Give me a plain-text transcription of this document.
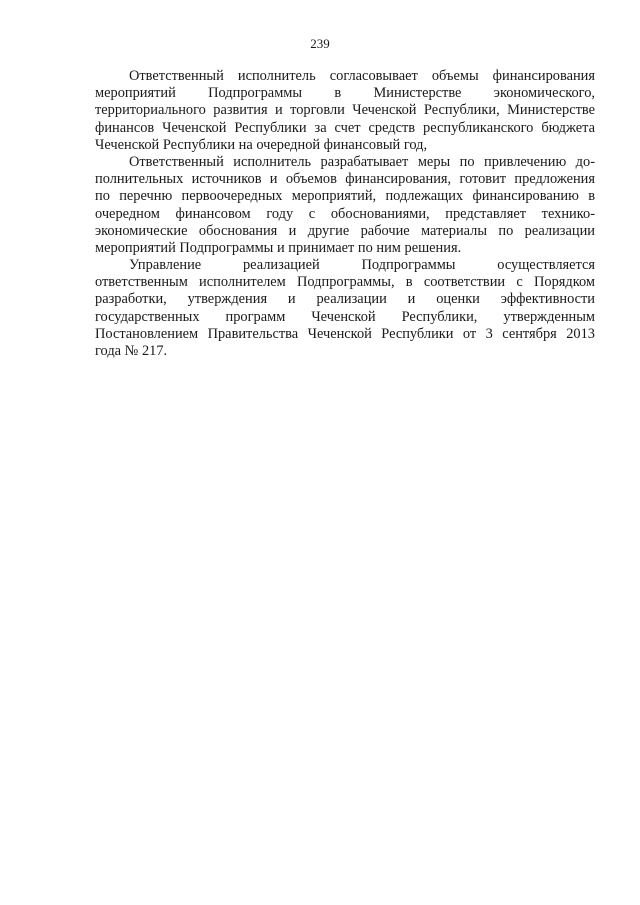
239
Ответственный исполнитель согласовывает объемы финансирования
мероприятий Подпрограммы в Министерстве экономического,
территориального развития и торговли Чеченской Республики, Министерстве
финансов Чеченской Республики за счет средств республиканского бюджета
Чеченской Республики на очередной финансовый год,
Ответственный исполнитель разрабатывает меры по привлечению до-
полнительных источников и объемов финансирования, готовит предложения
по перечню первоочередных мероприятий, подлежащих финансированию в
очередном финансовом году с обоснованиями, представляет технико-
экономические обоснования и другие рабочие материалы по реализации
мероприятий Подпрограммы и принимает по ним решения.
Управление реализацией Подпрограммы осуществляется
ответственным исполнителем Подпрограммы, в соответствии с Порядком
разработки, утверждения и реализации и оценки эффективности
государственных программ Чеченской Республики, утвержденным
Постановлением Правительства Чеченской Республики от 3 сентября 2013
года № 217.
